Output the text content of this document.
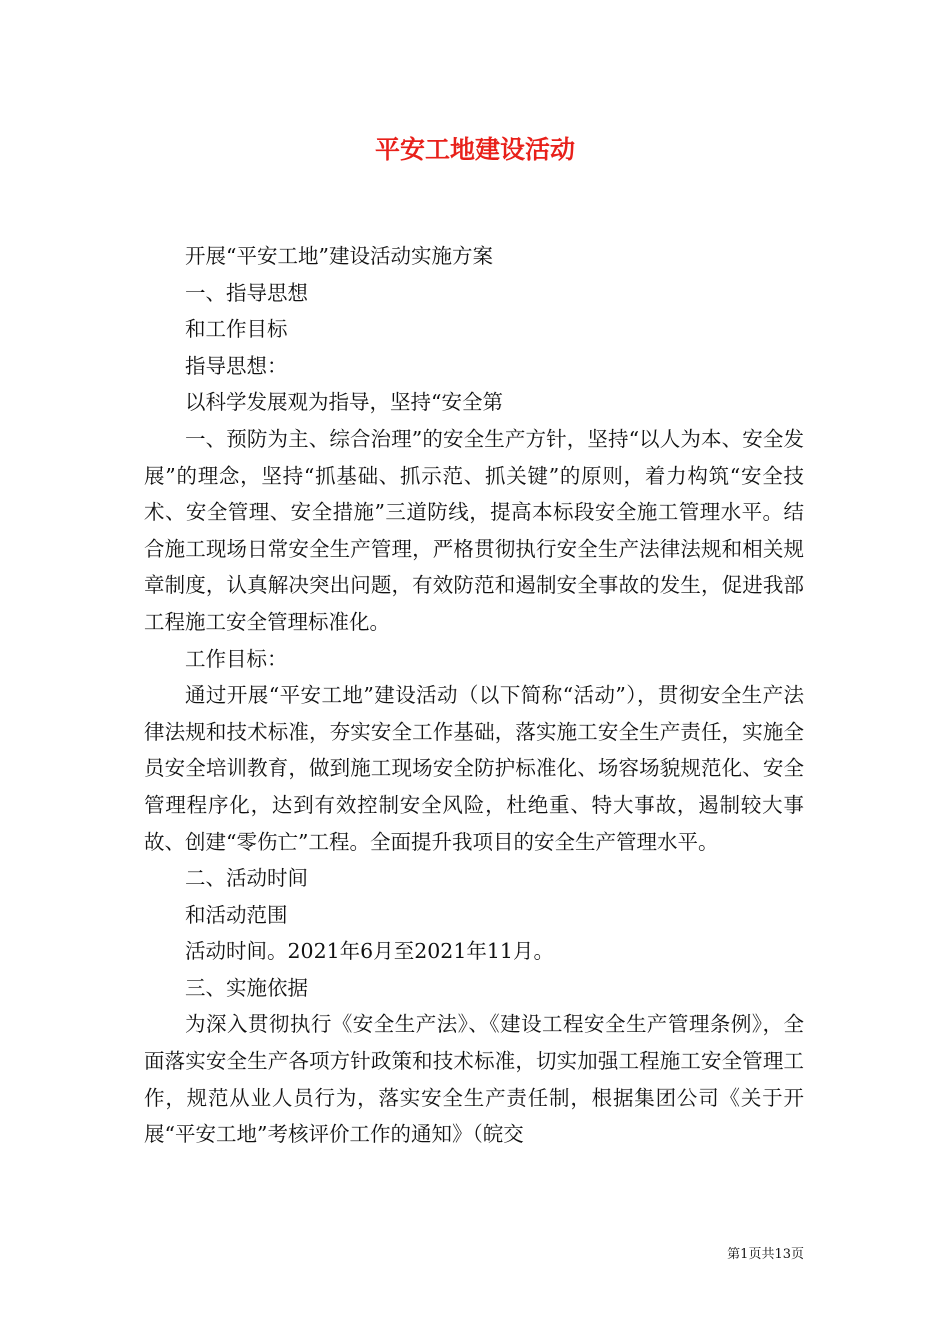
平安工地建设活动

开展“平安工地”建设活动实施方案

一、指导思想

和工作目标

指导思想：

以科学发展观为指导，坚持“安全第

一、预防为主、综合治理”的安全生产方针，坚持“以人为本、安全发展”的理念，坚持“抓基础、抓示范、抓关键”的原则，着力构筑“安全技术、安全管理、安全措施”三道防线，提高本标段安全施工管理水平。结合施工现场日常安全生产管理，严格贯彻执行安全生产法律法规和相关规章制度，认真解决突出问题，有效防范和遏制安全事故的发生，促进我部工程施工安全管理标准化。

工作目标：

通过开展“平安工地”建设活动（以下简称“活动”），贯彻安全生产法律法规和技术标准，夯实安全工作基础，落实施工安全生产责任，实施全员安全培训教育，做到施工现场安全防护标准化、场容场貌规范化、安全管理程序化，达到有效控制安全风险，杜绝重、特大事故，遏制较大事故、创建“零伤亡”工程。全面提升我项目的安全生产管理水平。

二、活动时间

和活动范围

活动时间。2021年6月至2021年11月。

三、实施依据

为深入贯彻执行《安全生产法》、《建设工程安全生产管理条例》，全面落实安全生产各项方针政策和技术标准，切实加强工程施工安全管理工作，规范从业人员行为，落实安全生产责任制，根据集团公司《关于开展“平安工地”考核评价工作的通知》（皖交

第1页共13页
